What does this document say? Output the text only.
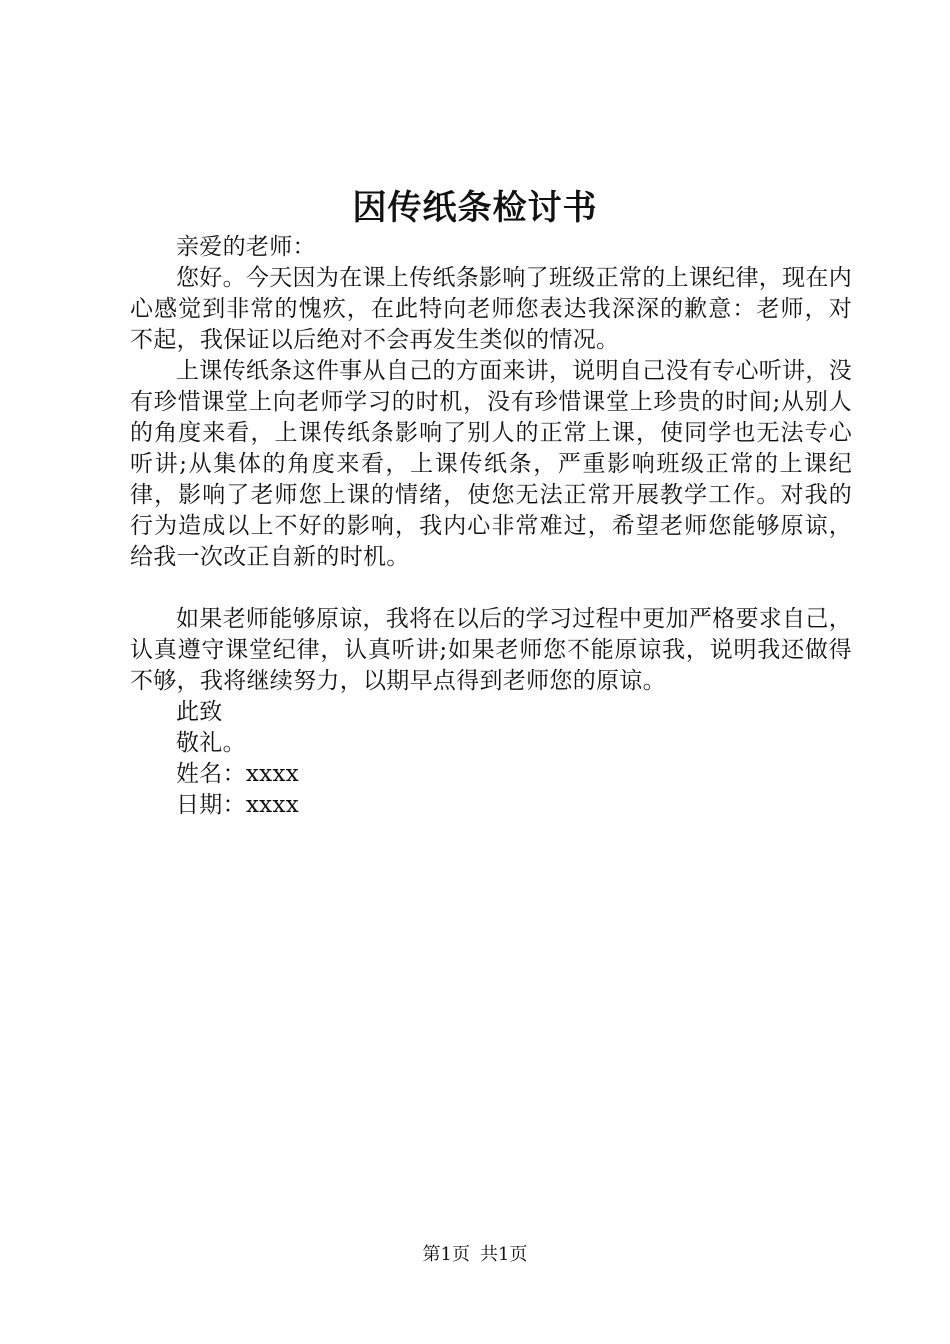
因传纸条检讨书

亲爱的老师：

您好。今天因为在课上传纸条影响了班级正常的上课纪律，现在内心感觉到非常的愧疚，在此特向老师您表达我深深的歉意：老师，对不起，我保证以后绝对不会再发生类似的情况。

上课传纸条这件事从自己的方面来讲，说明自己没有专心听讲，没有珍惜课堂上向老师学习的时机，没有珍惜课堂上珍贵的时间;从别人的角度来看，上课传纸条影响了别人的正常上课，使同学也无法专心听讲;从集体的角度来看，上课传纸条，严重影响班级正常的上课纪律，影响了老师您上课的情绪，使您无法正常开展教学工作。对我的行为造成以上不好的影响，我内心非常难过，希望老师您能够原谅，给我一次改正自新的时机。

如果老师能够原谅，我将在以后的学习过程中更加严格要求自己，认真遵守课堂纪律，认真听讲;如果老师您不能原谅我，说明我还做得不够，我将继续努力，以期早点得到老师您的原谅。

此致

敬礼。

姓名：xxxx

日期：xxxx

第1页 共1页
